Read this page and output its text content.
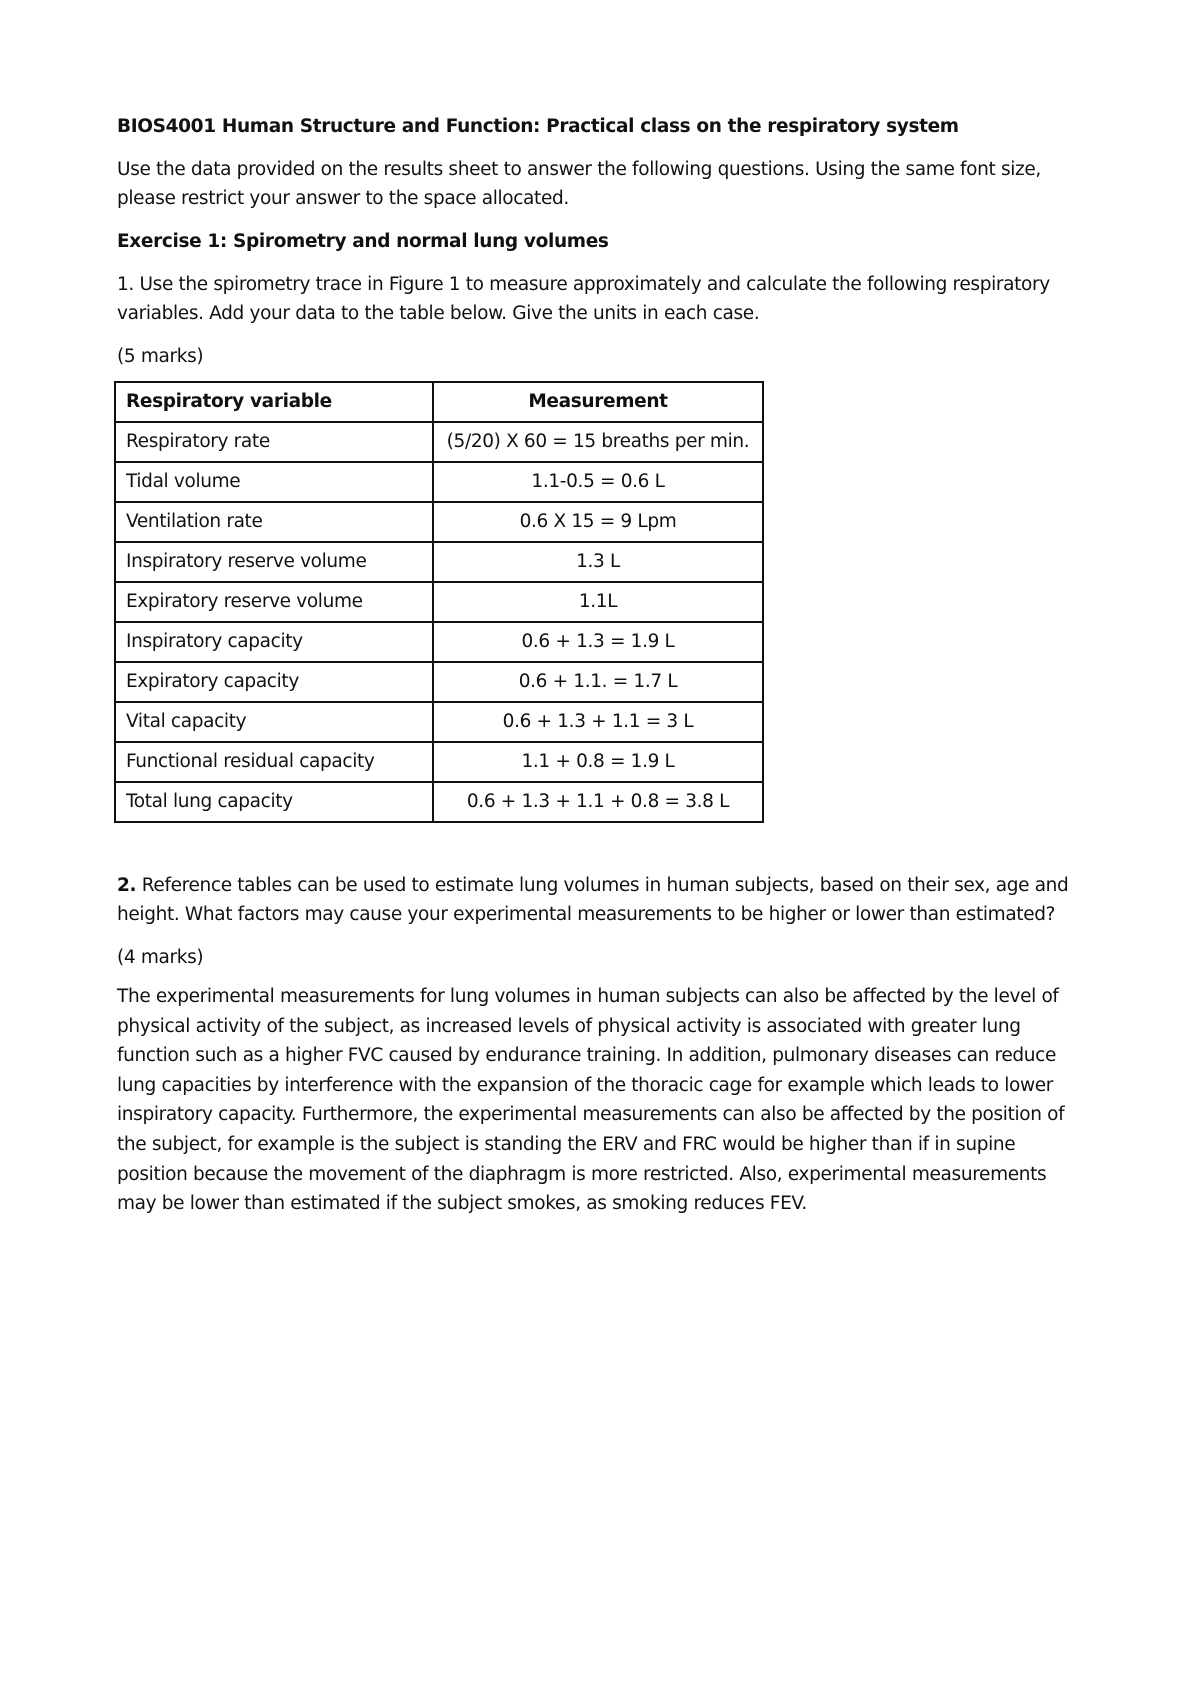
BIOS4001 Human Structure and Function: Practical class on the respiratory system

Use the data provided on the results sheet to answer the following questions. Using the same font size, please restrict your answer to the space allocated.

Exercise 1: Spirometry and normal lung volumes

1. Use the spirometry trace in Figure 1 to measure approximately and calculate the following respiratory variables. Add your data to the table below. Give the units in each case.

(5 marks)

Respiratory variable	Measurement
Respiratory rate	(5/20) X 60 = 15 breaths per min.
Tidal volume	1.1-0.5 = 0.6 L
Ventilation rate	0.6 X 15 = 9 Lpm
Inspiratory reserve volume	1.3 L
Expiratory reserve volume	1.1L
Inspiratory capacity	0.6 + 1.3 = 1.9 L
Expiratory capacity	0.6 + 1.1. = 1.7 L
Vital capacity	0.6 + 1.3 + 1.1 = 3 L
Functional residual capacity	1.1 + 0.8 = 1.9 L
Total lung capacity	0.6 + 1.3 + 1.1 + 0.8 = 3.8 L

2. Reference tables can be used to estimate lung volumes in human subjects, based on their sex, age and height. What factors may cause your experimental measurements to be higher or lower than estimated?

(4 marks)

The experimental measurements for lung volumes in human subjects can also be affected by the level of physical activity of the subject, as increased levels of physical activity is associated with greater lung function such as a higher FVC caused by endurance training. In addition, pulmonary diseases can reduce lung capacities by interference with the expansion of the thoracic cage for example which leads to lower inspiratory capacity. Furthermore, the experimental measurements can also be affected by the position of the subject, for example is the subject is standing the ERV and FRC would be higher than if in supine position because the movement of the diaphragm is more restricted. Also, experimental measurements may be lower than estimated if the subject smokes, as smoking reduces FEV.
